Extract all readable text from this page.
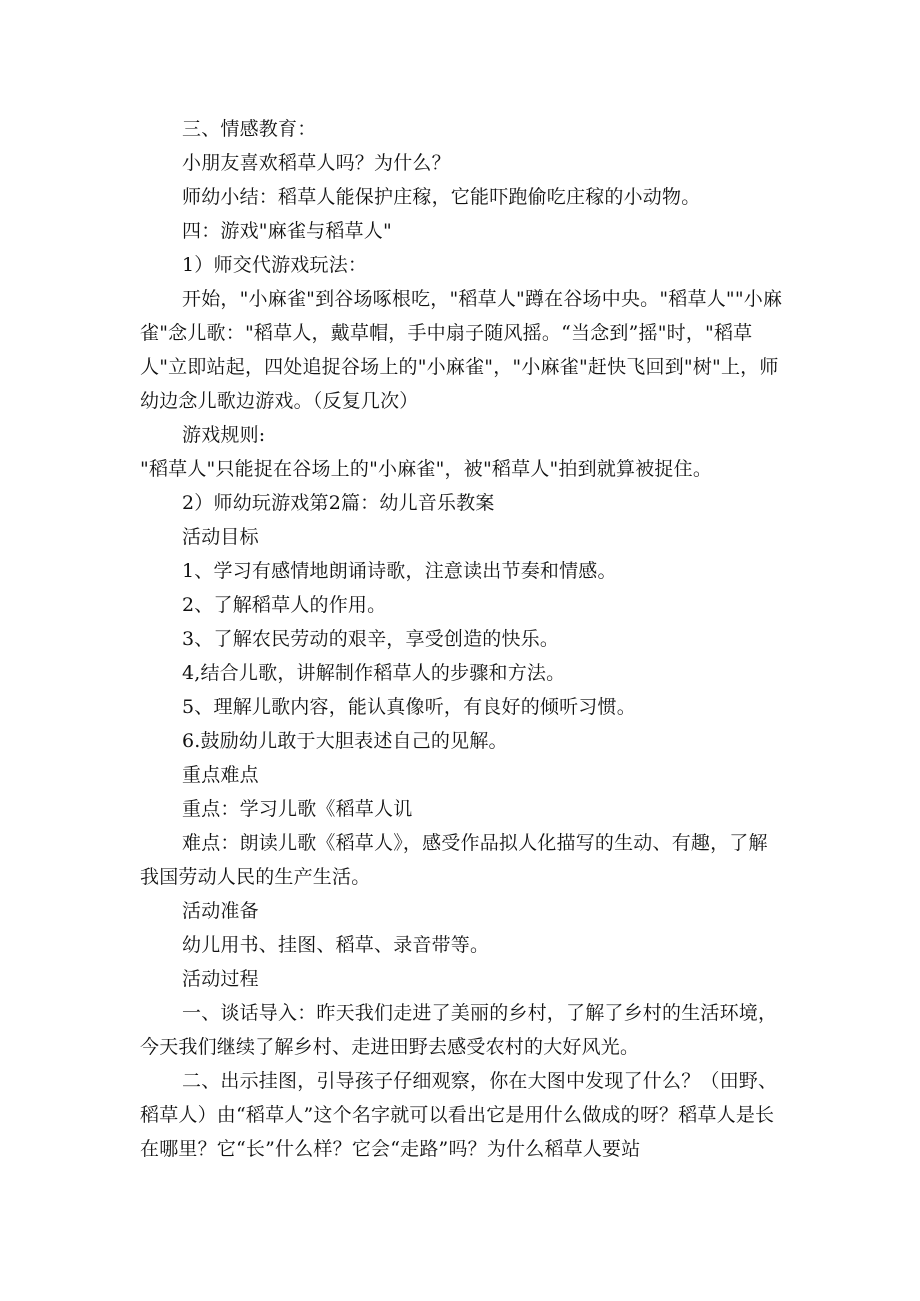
三、情感教育：

小朋友喜欢稻草人吗？为什么？

师幼小结：稻草人能保护庄稼，它能吓跑偷吃庄稼的小动物。

四：游戏"麻雀与稻草人"

1）师交代游戏玩法：

开始，"小麻雀"到谷场啄根吃，"稻草人"蹲在谷场中央。"稻草人""小麻雀"念儿歌："稻草人，戴草帽，手中扇子随风摇。“当念到”摇"时，"稻草人"立即站起，四处追捉谷场上的"小麻雀"，"小麻雀"赶快飞回到"树"上，师幼边念儿歌边游戏。（反复几次）

游戏规则:

"稻草人"只能捉在谷场上的"小麻雀"，被"稻草人"拍到就算被捉住。

2）师幼玩游戏第2篇：幼儿音乐教案

活动目标

1、学习有感情地朗诵诗歌，注意读出节奏和情感。

2、了解稻草人的作用。

3、了解农民劳动的艰辛，享受创造的快乐。

4,结合儿歌，讲解制作稻草人的步骤和方法。

5、理解儿歌内容，能认真像听，有良好的倾听习惯。

6.鼓励幼儿敢于大胆表述自己的见解。

重点难点

重点：学习儿歌《稻草人讥

难点：朗读儿歌《稻草人》，感受作品拟人化描写的生动、有趣，了解我国劳动人民的生产生活。

活动准备

幼儿用书、挂图、稻草、录音带等。

活动过程

一、谈话导入：昨天我们走进了美丽的乡村，了解了乡村的生活环境，今天我们继续了解乡村、走进田野去感受农村的大好风光。

二、出示挂图，引导孩子仔细观察，你在大图中发现了什么？（田野、稻草人）由“稻草人”这个名字就可以看出它是用什么做成的呀？稻草人是长在哪里？它“长”什么样？它会“走路”吗？为什么稻草人要站
